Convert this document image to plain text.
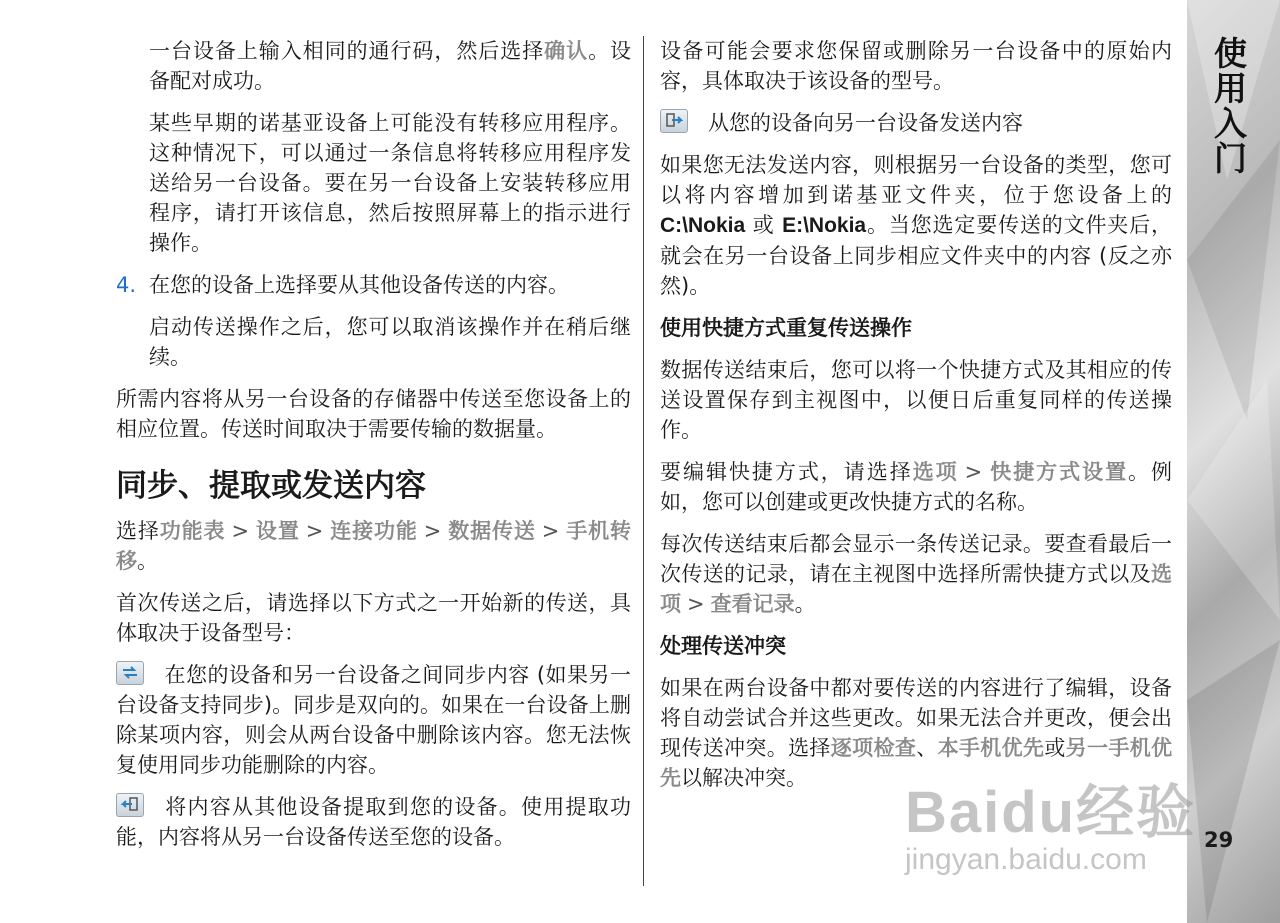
一台设备上输入相同的通行码，然后选择确认。设备配对成功。

某些早期的诺基亚设备上可能没有转移应用程序。这种情况下，可以通过一条信息将转移应用程序发送给另一台设备。要在另一台设备上安装转移应用程序，请打开该信息，然后按照屏幕上的指示进行操作。

4. 在您的设备上选择要从其他设备传送的内容。

启动传送操作之后，您可以取消该操作并在稍后继续。

所需内容将从另一台设备的存储器中传送至您设备上的相应位置。传送时间取决于需要传输的数据量。

同步、提取或发送内容

选择功能表 > 设置 > 连接功能 > 数据传送 > 手机转移。

首次传送之后，请选择以下方式之一开始新的传送，具体取决于设备型号：

在您的设备和另一台设备之间同步内容 (如果另一台设备支持同步)。同步是双向的。如果在一台设备上删除某项内容，则会从两台设备中删除该内容。您无法恢复使用同步功能删除的内容。

将内容从其他设备提取到您的设备。使用提取功能，内容将从另一台设备传送至您的设备。

设备可能会要求您保留或删除另一台设备中的原始内容，具体取决于该设备的型号。

从您的设备向另一台设备发送内容

如果您无法发送内容，则根据另一台设备的类型，您可以将内容增加到诺基亚文件夹，位于您设备上的 C:\Nokia 或 E:\Nokia。当您选定要传送的文件夹后，就会在另一台设备上同步相应文件夹中的内容 (反之亦然)。

使用快捷方式重复传送操作

数据传送结束后，您可以将一个快捷方式及其相应的传送设置保存到主视图中，以便日后重复同样的传送操作。

要编辑快捷方式，请选择选项 > 快捷方式设置。例如，您可以创建或更改快捷方式的名称。

每次传送结束后都会显示一条传送记录。要查看最后一次传送的记录，请在主视图中选择所需快捷方式以及选项 > 查看记录。

处理传送冲突

如果在两台设备中都对要传送的内容进行了编辑，设备将自动尝试合并这些更改。如果无法合并更改，便会出现传送冲突。选择逐项检查、本手机优先或另一手机优先以解决冲突。

使用入门
29
Baidu经验
jingyan.baidu.com
